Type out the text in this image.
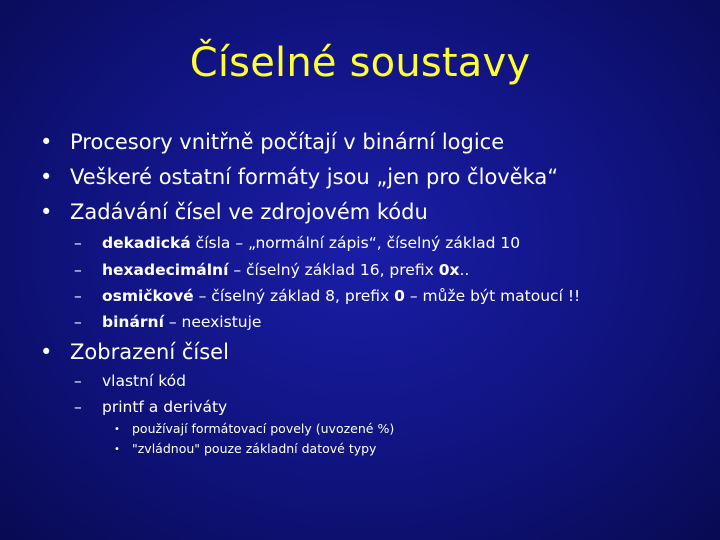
Číselné soustavy
• Procesory vnitřně počítají v binární logice
• Veškeré ostatní formáty jsou „jen pro člověka“
• Zadávání čísel ve zdrojovém kódu
– dekadická čísla – „normální zápis“, číselný základ 10
– hexadecimální – číselný základ 16, prefix 0x..
– osmičkové – číselný základ 8, prefix 0 – může být matoucí !!
– binární – neexistuje
• Zobrazení čísel
– vlastní kód
– printf a deriváty
• používají formátovací povely (uvozené %)
• "zvládnou" pouze základní datové typy
